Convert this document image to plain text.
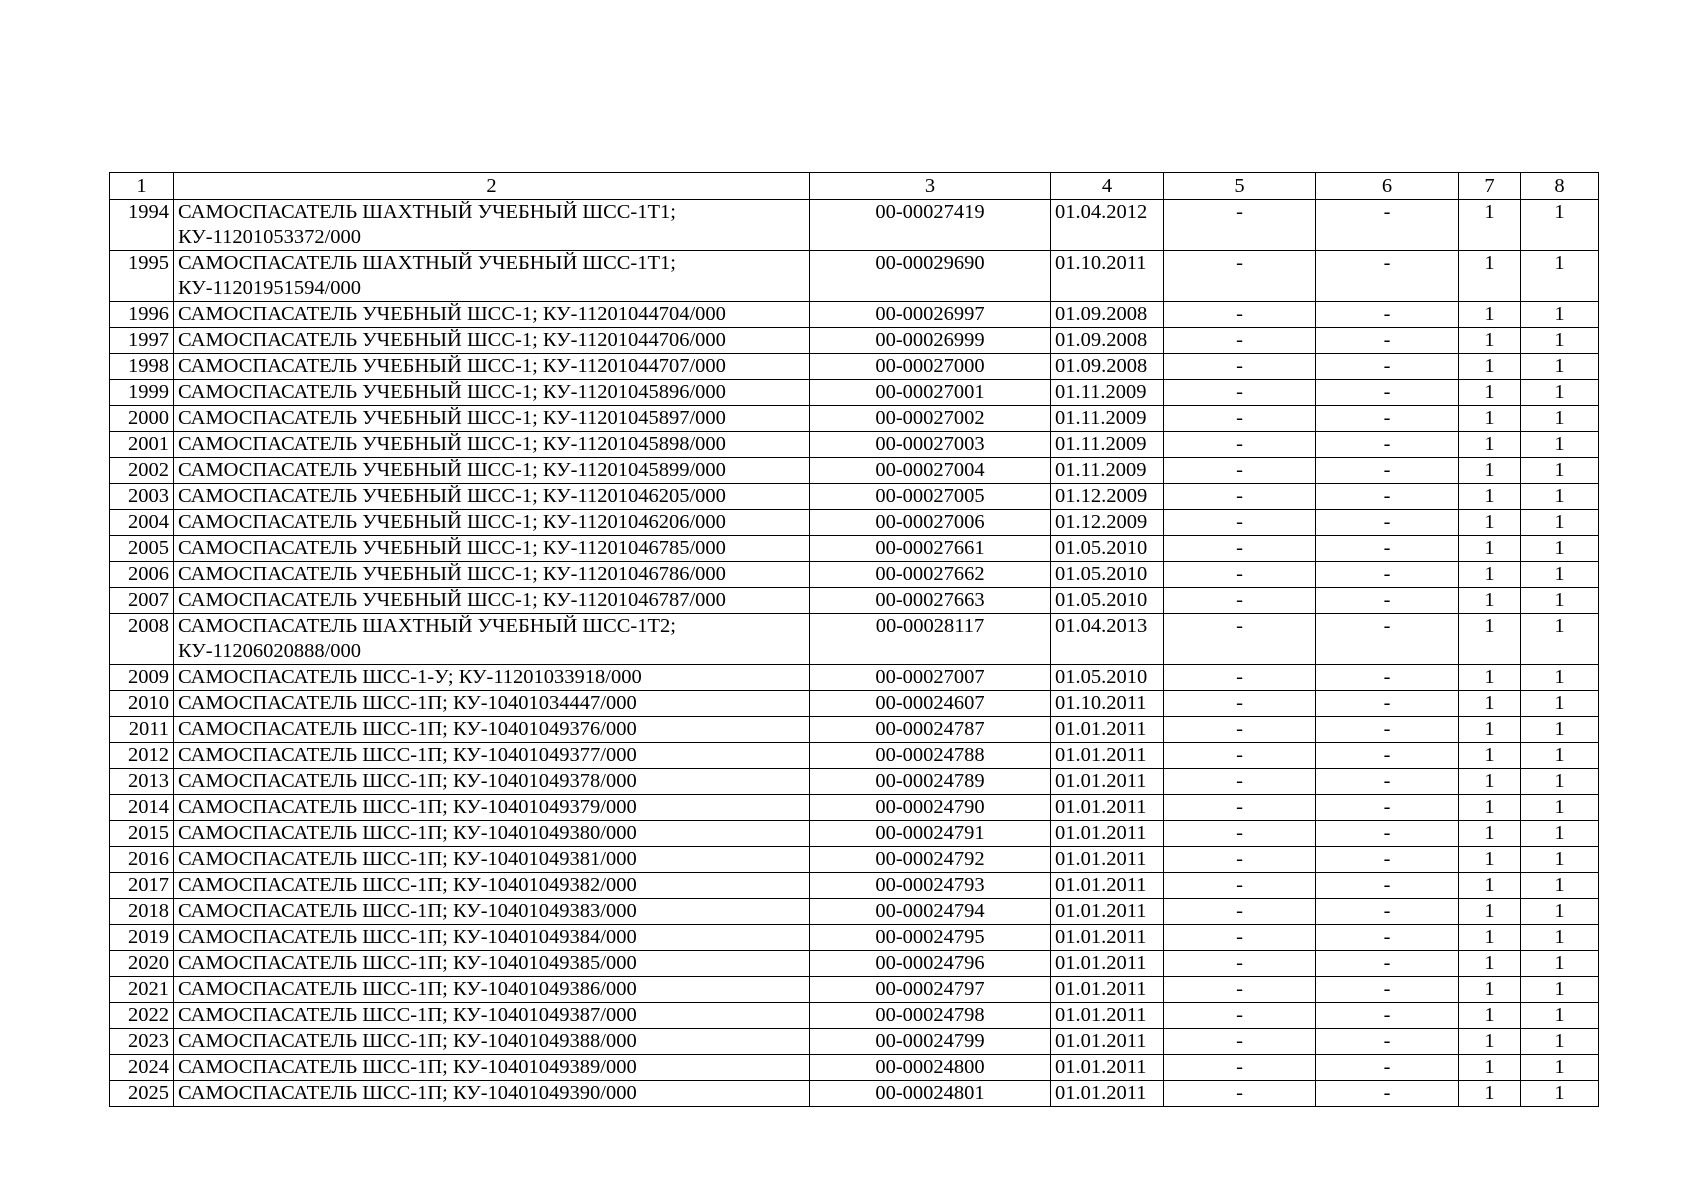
1	2	3	4	5	6	7	8
1994	САМОСПАСАТЕЛЬ ШАХТНЫЙ УЧЕБНЫЙ ШСС-1Т1; КУ-11201053372/000	00-00027419	01.04.2012	-	-	1	1
1995	САМОСПАСАТЕЛЬ ШАХТНЫЙ УЧЕБНЫЙ ШСС-1Т1; КУ-11201951594/000	00-00029690	01.10.2011	-	-	1	1
1996	САМОСПАСАТЕЛЬ УЧЕБНЫЙ ШСС-1; КУ-11201044704/000	00-00026997	01.09.2008	-	-	1	1
1997	САМОСПАСАТЕЛЬ УЧЕБНЫЙ ШСС-1; КУ-11201044706/000	00-00026999	01.09.2008	-	-	1	1
1998	САМОСПАСАТЕЛЬ УЧЕБНЫЙ ШСС-1; КУ-11201044707/000	00-00027000	01.09.2008	-	-	1	1
1999	САМОСПАСАТЕЛЬ УЧЕБНЫЙ ШСС-1; КУ-11201045896/000	00-00027001	01.11.2009	-	-	1	1
2000	САМОСПАСАТЕЛЬ УЧЕБНЫЙ ШСС-1; КУ-11201045897/000	00-00027002	01.11.2009	-	-	1	1
2001	САМОСПАСАТЕЛЬ УЧЕБНЫЙ ШСС-1; КУ-11201045898/000	00-00027003	01.11.2009	-	-	1	1
2002	САМОСПАСАТЕЛЬ УЧЕБНЫЙ ШСС-1; КУ-11201045899/000	00-00027004	01.11.2009	-	-	1	1
2003	САМОСПАСАТЕЛЬ УЧЕБНЫЙ ШСС-1; КУ-11201046205/000	00-00027005	01.12.2009	-	-	1	1
2004	САМОСПАСАТЕЛЬ УЧЕБНЫЙ ШСС-1; КУ-11201046206/000	00-00027006	01.12.2009	-	-	1	1
2005	САМОСПАСАТЕЛЬ УЧЕБНЫЙ ШСС-1; КУ-11201046785/000	00-00027661	01.05.2010	-	-	1	1
2006	САМОСПАСАТЕЛЬ УЧЕБНЫЙ ШСС-1; КУ-11201046786/000	00-00027662	01.05.2010	-	-	1	1
2007	САМОСПАСАТЕЛЬ УЧЕБНЫЙ ШСС-1; КУ-11201046787/000	00-00027663	01.05.2010	-	-	1	1
2008	САМОСПАСАТЕЛЬ ШАХТНЫЙ УЧЕБНЫЙ ШСС-1Т2; КУ-11206020888/000	00-00028117	01.04.2013	-	-	1	1
2009	САМОСПАСАТЕЛЬ ШСС-1-У; КУ-11201033918/000	00-00027007	01.05.2010	-	-	1	1
2010	САМОСПАСАТЕЛЬ ШСС-1П; КУ-10401034447/000	00-00024607	01.10.2011	-	-	1	1
2011	САМОСПАСАТЕЛЬ ШСС-1П; КУ-10401049376/000	00-00024787	01.01.2011	-	-	1	1
2012	САМОСПАСАТЕЛЬ ШСС-1П; КУ-10401049377/000	00-00024788	01.01.2011	-	-	1	1
2013	САМОСПАСАТЕЛЬ ШСС-1П; КУ-10401049378/000	00-00024789	01.01.2011	-	-	1	1
2014	САМОСПАСАТЕЛЬ ШСС-1П; КУ-10401049379/000	00-00024790	01.01.2011	-	-	1	1
2015	САМОСПАСАТЕЛЬ ШСС-1П; КУ-10401049380/000	00-00024791	01.01.2011	-	-	1	1
2016	САМОСПАСАТЕЛЬ ШСС-1П; КУ-10401049381/000	00-00024792	01.01.2011	-	-	1	1
2017	САМОСПАСАТЕЛЬ ШСС-1П; КУ-10401049382/000	00-00024793	01.01.2011	-	-	1	1
2018	САМОСПАСАТЕЛЬ ШСС-1П; КУ-10401049383/000	00-00024794	01.01.2011	-	-	1	1
2019	САМОСПАСАТЕЛЬ ШСС-1П; КУ-10401049384/000	00-00024795	01.01.2011	-	-	1	1
2020	САМОСПАСАТЕЛЬ ШСС-1П; КУ-10401049385/000	00-00024796	01.01.2011	-	-	1	1
2021	САМОСПАСАТЕЛЬ ШСС-1П; КУ-10401049386/000	00-00024797	01.01.2011	-	-	1	1
2022	САМОСПАСАТЕЛЬ ШСС-1П; КУ-10401049387/000	00-00024798	01.01.2011	-	-	1	1
2023	САМОСПАСАТЕЛЬ ШСС-1П; КУ-10401049388/000	00-00024799	01.01.2011	-	-	1	1
2024	САМОСПАСАТЕЛЬ ШСС-1П; КУ-10401049389/000	00-00024800	01.01.2011	-	-	1	1
2025	САМОСПАСАТЕЛЬ ШСС-1П; КУ-10401049390/000	00-00024801	01.01.2011	-	-	1	1
